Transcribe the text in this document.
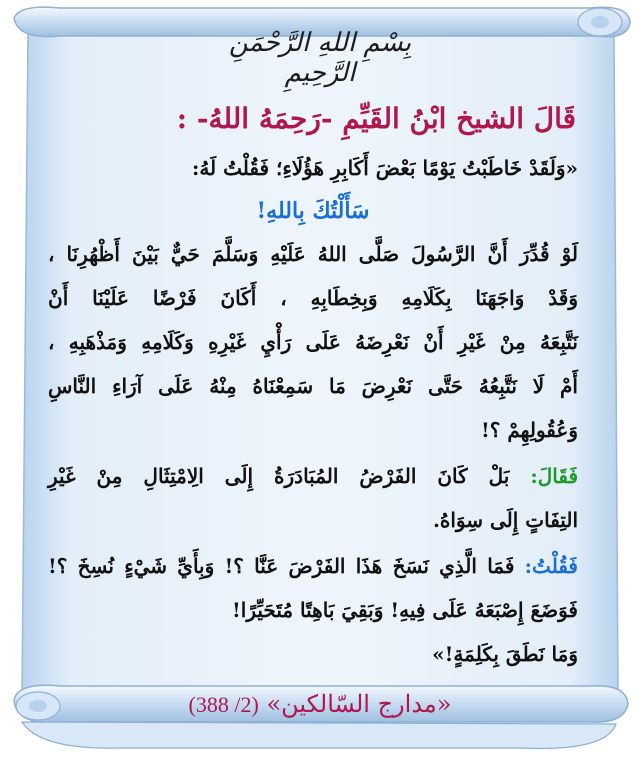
بِسْمِ اللهِ الرَّحْمَنِ الرَّحِيمِ
قَالَ الشيخ ابْنُ القَيِّمِ -رَحِمَهُ اللهُ- :
«وَلَقَدْ خَاطَبْتُ يَوْمًا بَعْضَ أَكَابِرِ هَؤُلَاءِ؛ فَقُلْتُ لَهُ:
سَأَلْتُكَ بِاللهِ!
لَوْ قُدِّرَ أَنَّ الرَّسُولَ صَلَّى اللهُ عَلَيْهِ وَسَلَّمَ حَيٌّ بَيْنَ أَظْهُرِنَا ،
وَقَدْ وَاجَهَنَا بِكَلَامِهِ وَبِخِطَابِهِ ، أَكَانَ فَرْضًا عَلَيْنَا أَنْ
نَتَّبِعَهُ مِنْ غَيْرِ أَنْ نَعْرِضَهُ عَلَى رَأْيِ غَيْرِهِ وَكَلَامِهِ وَمَذْهَبِهِ ،
أَمْ لَا نَتَّبِعُهُ حَتَّى نَعْرِضَ مَا سَمِعْنَاهُ مِنْهُ عَلَى آرَاءِ النَّاسِ
وَعُقُولِهِمْ ؟!
فَقَالَ: بَلْ كَانَ الفَرْضُ المُبَادَرَةُ إِلَى الِامْتِثَالِ مِنْ غَيْرِ
التِفَاتٍ إِلَى سِوَاهُ.
فَقُلْتُ: فَمَا الَّذِي نَسَخَ هَذَا الفَرْضَ عَنَّا ؟! وَبِأَيِّ شَيْءٍ نُسِخَ ؟!
فَوَضَعَ إِصْبَعَهُ عَلَى فِيهِ! وَبَقِيَ بَاهِتًا مُتَحَيِّرًا!
وَمَا نَطَقَ بِكَلِمَةٍ!»
«مدارج السّالكين» (2/ 388)
